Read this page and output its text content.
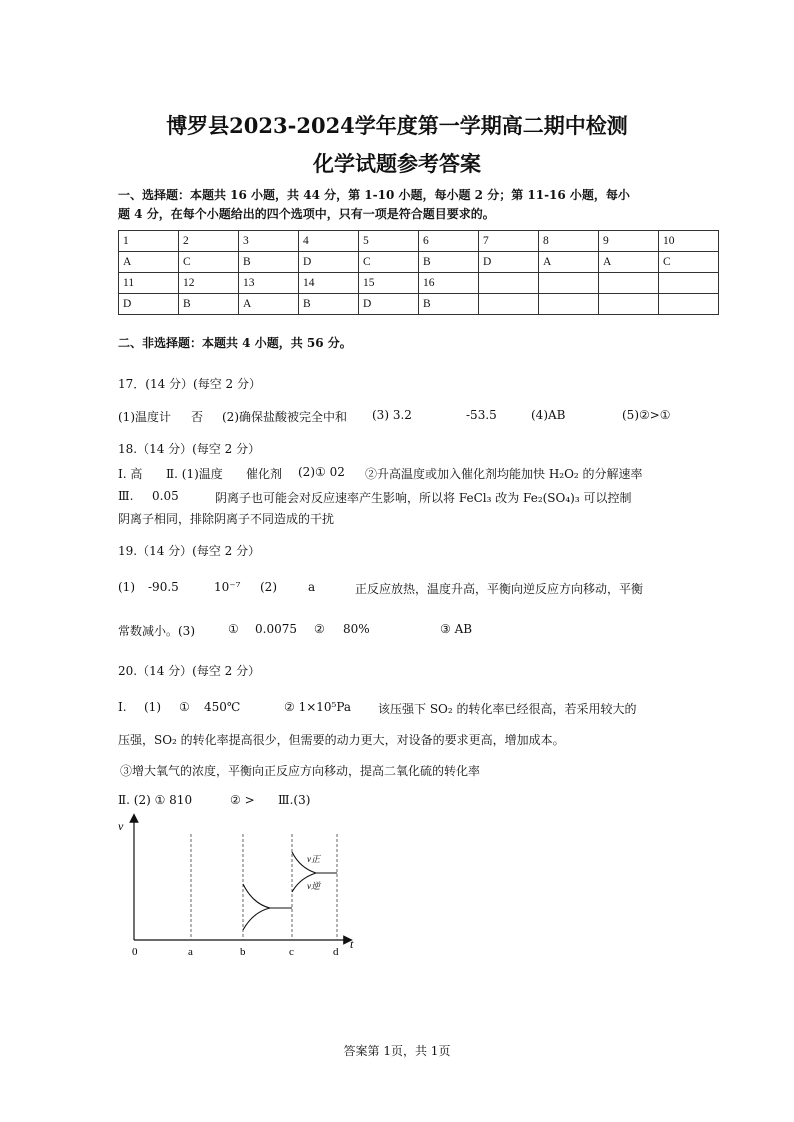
博罗县2023-2024学年度第一学期高二期中检测
化学试题参考答案
一、选择题：本题共 16 小题，共 44 分，第 1-10 小题，每小题 2 分；第 11-16 小题，每小
题 4 分，在每个小题给出的四个选项中，只有一项是符合题目要求的。
1	2	3	4	5	6	7	8	9	10
A	C	B	D	C	B	D	A	A	C
11	12	13	14	15	16				
D	B	A	B	D	B				
二、非选择题：本题共 4 小题，共 56 分。
17．(14 分）(每空 2 分）
(1)温度计 否 (2)确保盐酸被完全中和 (3) 3.2	-53.5	(4)AB	(5)②>①
18.（14 分）(每空 2 分）
I. 高 Ⅱ. (1)温度 催化剂 (2)① 02 ②升高温度或加入催化剂均能加快 H₂O₂ 的分解速率
Ⅲ. 0.05	阴离子也可能会对反应速率产生影响，所以将 FeCl₃ 改为 Fe₂(SO₄)₃ 可以控制
阴离子相同，排除阴离子不同造成的干扰
19.（14 分）(每空 2 分）
(1) -90.5	10⁻⁷ (2)	a	正反应放热，温度升高，平衡向逆反应方向移动，平衡
常数减小。(3)	① 0.0075 ② 80%	③ AB
20.（14 分）(每空 2 分）
I. (1) ① 450℃	② 1×10⁵Pa 该压强下 SO₂ 的转化率已经很高，若采用较大的
压强，SO₂ 的转化率提高很少，但需要的动力更大，对设备的要求更高，增加成本。
③增大氧气的浓度，平衡向正反应方向移动，提高二氧化硫的转化率
Ⅱ. (2) ① 810	② > Ⅲ.(3)
v
t
0	a	b	c	d
v正
v逆
答案第 1页，共 1页
